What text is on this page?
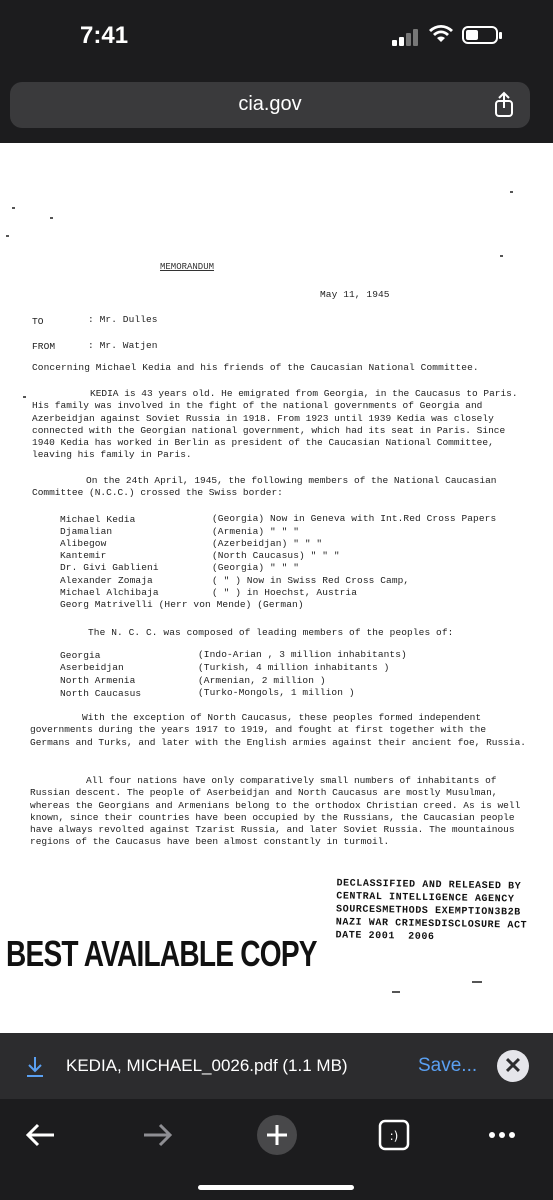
7:41
cia.gov
MEMORANDUM
May 11, 1945
TO	: Mr. Dulles
FROM	: Mr. Watjen
Concerning Michael Kedia and his friends of the Caucasian National Committee.
KEDIA is 43 years old. He emigrated from Georgia, in the Caucasus to Paris. His family was involved in the fight of the national governments of Georgia and Azerbeidjan against Soviet Russia in 1918. From 1923 until 1939 Kedia was closely connected with the Georgian national government, which had its seat in Paris. Since 1940 Kedia has worked in Berlin as president of the Caucasian National Committee, leaving his family in Paris.
On the 24th April, 1945, the following members of the National Caucasian Committee (N.C.C.) crossed the Swiss border:
Michael Kedia	(Georgia) Now in Geneva with Int.Red Cross Papers
Djamalian	(Armenia) " " "
Alibegow	(Azerbeidjan) " " "
Kantemir	(North Caucasus) " " "
Dr. Givi Gablieni	(Georgia) " " "
Alexander Zomaja	( " ) Now in Swiss Red Cross Camp,
Michael Alchibaja	( " ) in Hoechst, Austria
Georg Matrivelli (Herr von Mende) (German)
The N. C. C. was composed of leading members of the peoples of:
Georgia	(Indo-Arian , 3 million inhabitants)
Aserbeidjan	(Turkish, 4 million inhabitants )
North Armenia	(Armenian, 2 million )
North Caucasus	(Turko-Mongols, 1 million )
With the exception of North Caucasus, these peoples formed independent governments during the years 1917 to 1919, and fought at first together with the Germans and Turks, and later with the English armies against their ancient foe, Russia.
All four nations have only comparatively small numbers of inhabitants of Russian descent. The people of Aserbeidjan and North Caucasus are mostly Musulman, whereas the Georgians and Armenians belong to the orthodox Christian creed. As is well known, since their countries have been occupied by the Russians, the Caucasian people have always revolted against Tzarist Russia, and later Soviet Russia. The mountainous regions of the Caucasus have been almost constantly in turmoil.
DECLASSIFIED AND RELEASED BY
CENTRAL INTELLIGENCE AGENCY
SOURCESMETHODS EXEMPTION3B2B
NAZI WAR CRIMESDISCLOSURE ACT
DATE 2001  2006
BEST AVAILABLE COPY
KEDIA, MICHAEL_0026.pdf (1.1 MB)	Save...	✕
:)
